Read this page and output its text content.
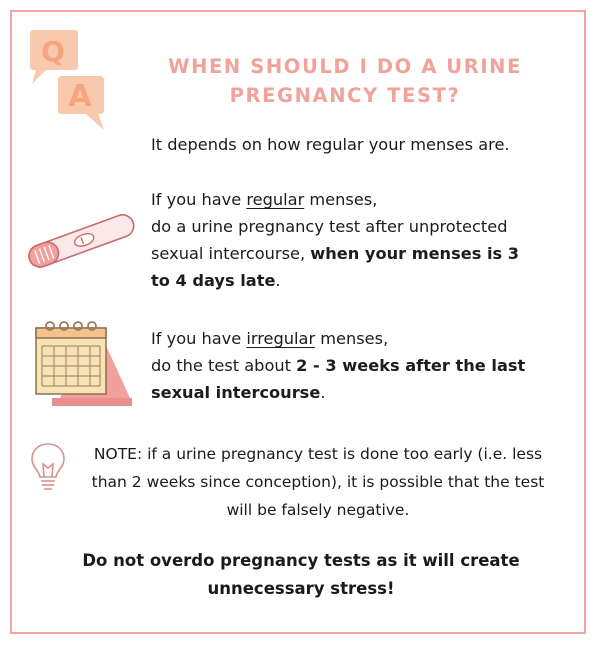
Q
A
WHEN SHOULD I DO A URINE
PREGNANCY TEST?
It depends on how regular your menses are.
If you have regular menses,
do a urine pregnancy test after unprotected
sexual intercourse, when your menses is 3
to 4 days late.
If you have irregular menses,
do the test about 2 - 3 weeks after the last
sexual intercourse.
NOTE: if a urine pregnancy test is done too early (i.e. less
than 2 weeks since conception), it is possible that the test
will be falsely negative.
Do not overdo pregnancy tests as it will create
unnecessary stress!
